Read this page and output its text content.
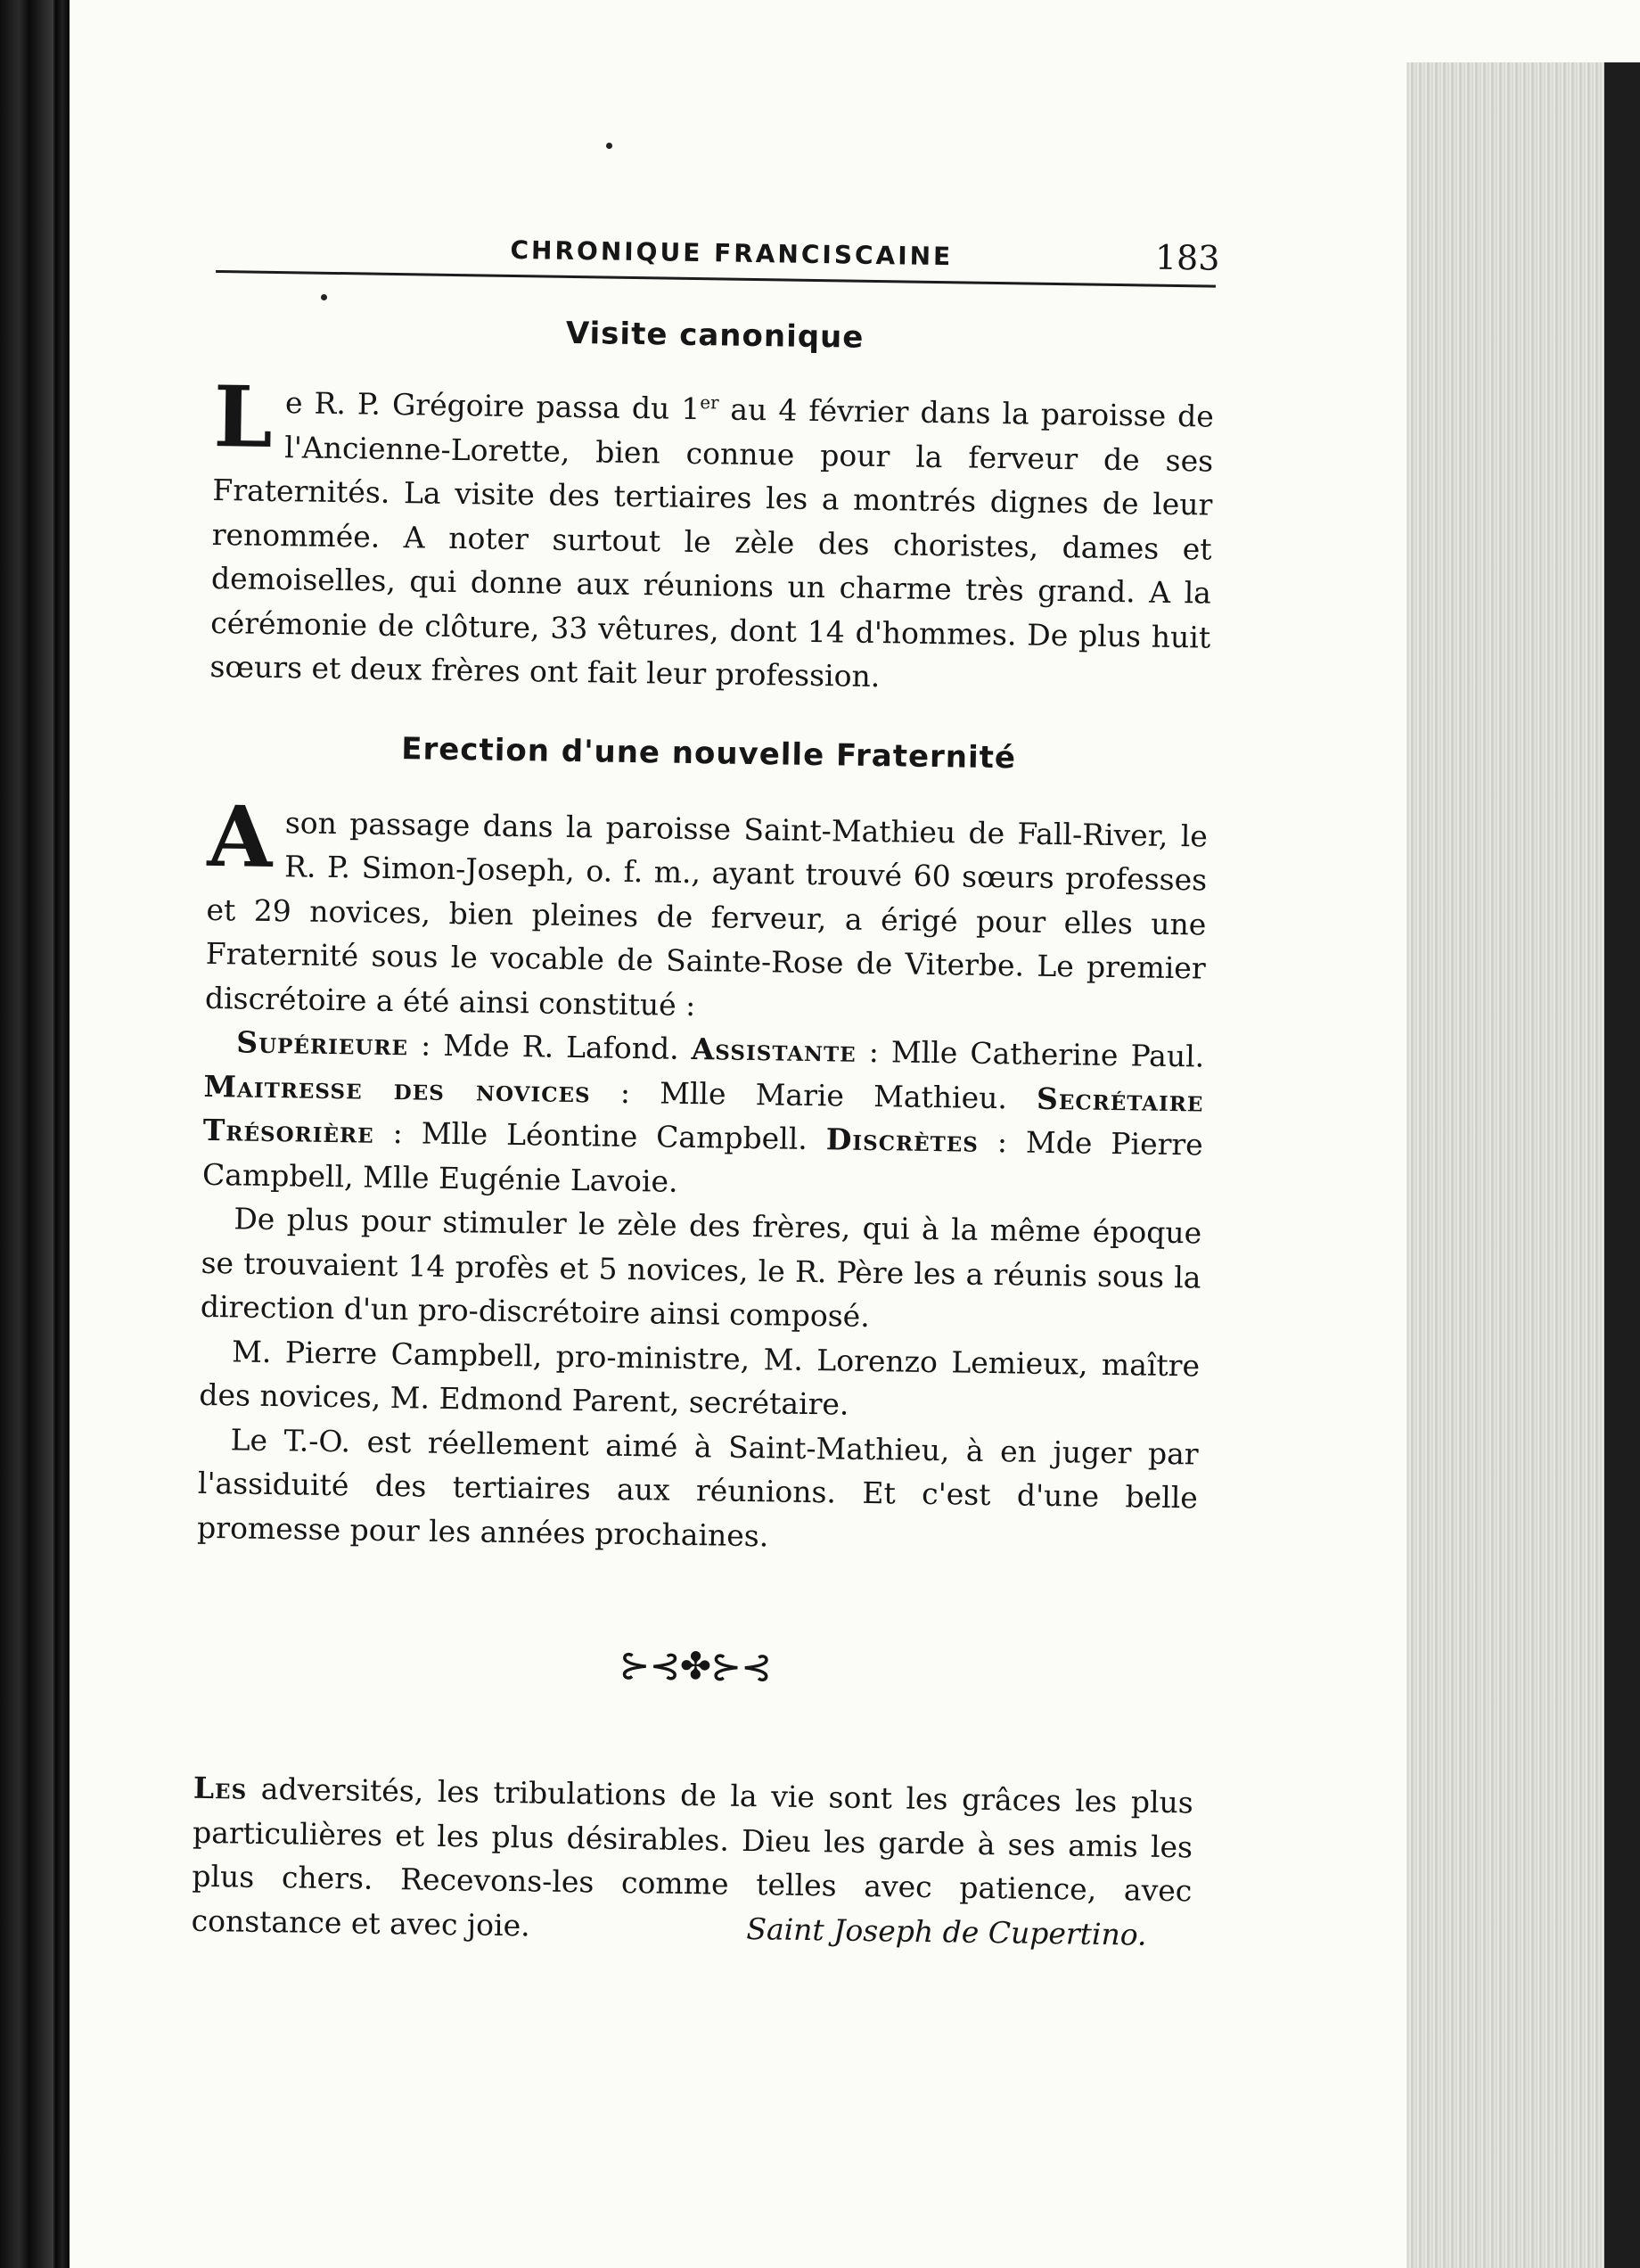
CHRONIQUE FRANCISCAINE	183
Visite canonique

Le R. P. Grégoire passa du 1er au 4 février dans la paroisse de l'Ancienne-Lorette, bien connue pour la ferveur de ses Fraternités. La visite des tertiaires les a montrés dignes de leur renommée. A noter surtout le zèle des choristes, dames et demoiselles, qui donne aux réunions un charme très grand. A la cérémonie de clôture, 33 vêtures, dont 14 d'hommes. De plus huit sœurs et deux frères ont fait leur profession.

Erection d'une nouvelle Fraternité

A son passage dans la paroisse Saint-Mathieu de Fall-River, le R. P. Simon-Joseph, o. f. m., ayant trouvé 60 sœurs professes et 29 novices, bien pleines de ferveur, a érigé pour elles une Fraternité sous le vocable de Sainte-Rose de Viterbe. Le premier discrétoire a été ainsi constitué :

Supérieure : Mde R. Lafond. Assistante : Mlle Catherine Paul. Maitresse des novices : Mlle Marie Mathieu. Secrétaire Trésorière : Mlle Léontine Campbell. Discrètes : Mde Pierre Campbell, Mlle Eugénie Lavoie.

De plus pour stimuler le zèle des frères, qui à la même époque se trouvaient 14 profès et 5 novices, le R. Père les a réunis sous la direction d'un pro-discrétoire ainsi composé.

M. Pierre Campbell, pro-ministre, M. Lorenzo Lemieux, maître des novices, M. Edmond Parent, secrétaire.

Le T.-O. est réellement aimé à Saint-Mathieu, à en juger par l'assiduité des tertiaires aux réunions. Et c'est d'une belle promesse pour les années prochaines.

⊱⊰✤⊱⊰
Les adversités, les tribulations de la vie sont les grâces les plus particulières et les plus désirables. Dieu les garde à ses amis les plus chers. Recevons-les comme telles avec patience, avec constance et avec joie.	Saint Joseph de Cupertino.
